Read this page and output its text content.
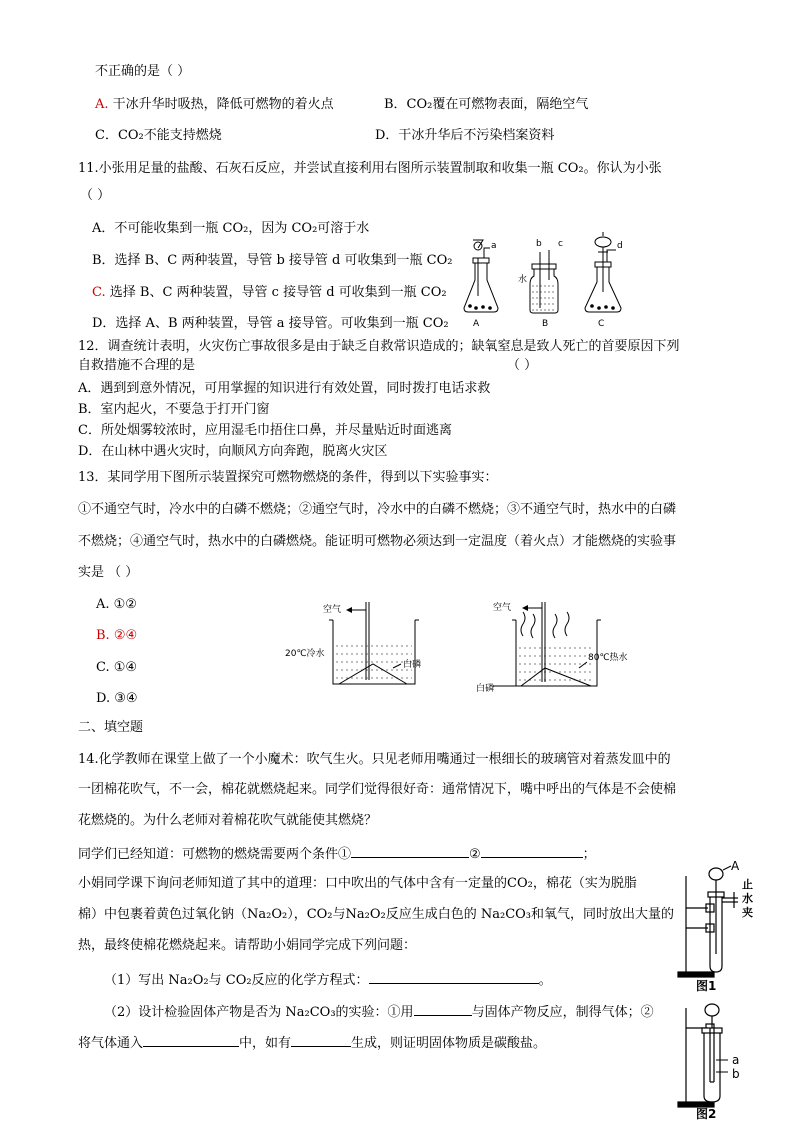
不正确的是（ ）
A. 干冰升华时吸热，降低可燃物的着火点	B．CO₂覆在可燃物表面，隔绝空气
C．CO₂不能支持燃烧	D．干冰升华后不污染档案资料
11.小张用足量的盐酸、石灰石反应，并尝试直接利用右图所示装置制取和收集一瓶 CO₂。你认为小张
（ ）
A．不可能收集到一瓶 CO₂，因为 CO₂可溶于水
B．选择 B、C 两种装置，导管 b 接导管 d 可收集到一瓶 CO₂
C. 选择 B、C 两种装置，导管 c 接导管 d 可收集到一瓶 CO₂
D．选择 A、B 两种装置，导管 a 接导管。可收集到一瓶 CO₂
a
A
b c
水
B
d
C
12．调查统计表明，火灾伤亡事故很多是由于缺乏自救常识造成的；缺氧窒息是致人死亡的首要原因下列
自救措施不合理的是	（ ）
A．遇到到意外情况，可用掌握的知识进行有效处置，同时拨打电话求救
B．室内起火，不要急于打开门窗
C．所处烟雾较浓时，应用湿毛巾捂住口鼻，并尽量贴近时面逃离
D．在山林中遇火灾时，向顺风方向奔跑，脱离火灾区
13．某同学用下图所示装置探究可燃物燃烧的条件，得到以下实验事实：
①不通空气时，冷水中的白磷不燃烧；②通空气时，冷水中的白磷不燃烧；③不通空气时，热水中的白磷
不燃烧；④通空气时，热水中的白磷燃烧。能证明可燃物必须达到一定温度（着火点）才能燃烧的实验事
实是 （ ）
A. ①②
B. ②④
C. ①④
D. ③④
空气
20℃冷水
白磷
空气
80℃热水
白磷
二、填空题
14.化学教师在课堂上做了一个小魔术：吹气生火。只见老师用嘴通过一根细长的玻璃管对着蒸发皿中的
一团棉花吹气，不一会，棉花就燃烧起来。同学们觉得很好奇：通常情况下，嘴中呼出的气体是不会使棉
花燃烧的。为什么老师对着棉花吹气就能使其燃烧？
同学们已经知道：可燃物的燃烧需要两个条件①	②	；
小娟同学课下询问老师知道了其中的道理：口中吹出的气体中含有一定量的CO₂，棉花（实为脱脂
棉）中包裹着黄色过氧化钠（Na₂O₂），CO₂与Na₂O₂反应生成白色的 Na₂CO₃和氧气，同时放出大量的
热，最终使棉花燃烧起来。请帮助小娟同学完成下列问题：
（1）写出 Na₂O₂与 CO₂反应的化学方程式：	。
（2）设计检验固体产物是否为 Na₂CO₃的实验：①用	与固体产物反应，制得气体；②
将气体通入	中，如有	生成，则证明固体物质是碳酸盐。
A
止
水
夹
图1
a
b
图2
